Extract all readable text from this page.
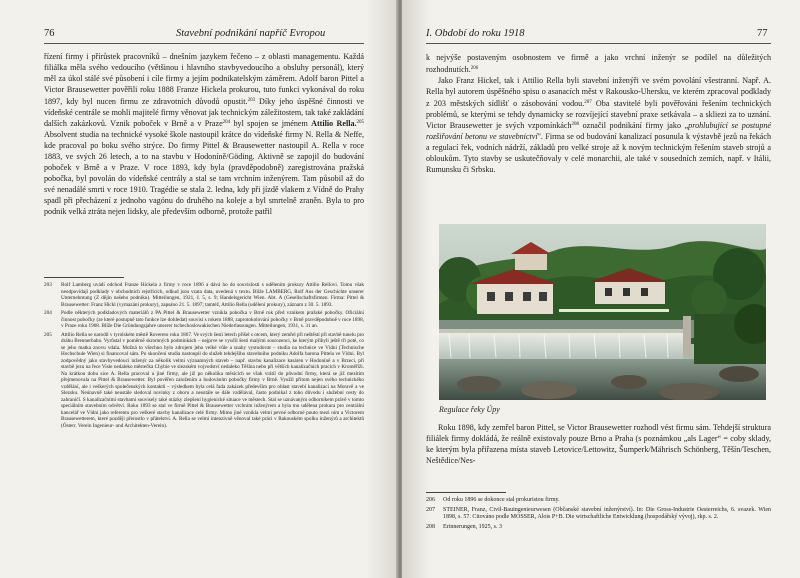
76	Stavební podnikání napříč Evropou

řízení firmy i přírůstek pracovníků – dnešním jazykem řečeno – z oblasti managementu. Každá filiálka měla svého vedoucího (většinou i hlavního stavbyvedoucího a obsluhy personál), který měl za úkol stálé své působení i cíle firmy a jejím podnikatelským záměrem. Adolf baron Pittel a Victor Brausewetter pověřili roku 1888 Franze Hickela prokurou, tuto funkci vykonával do roku 1897, kdy byl nucen firmu ze zdravotních důvodů opustit.$^{203}$ Díky jeho úspěšné činnosti ve vídeňské centrále se mohli majitelé firmy věnovat jak technickým záležitostem, tak také zakládání dalších zakázkovů. Vznik poboček v Brně a v Praze$^{204}$ byl spojen se jménem Attilio Rella.$^{205}$ Absolvent studia na technické vysoké škole nastoupil krátce do vídeňské firmy N. Rella & Neffe, kde pracoval po boku svého strýce. Do firmy Pittel & Brausewetter nastoupil A. Rella v roce 1883, ve svých 26 letech, a to na stavbu v Hodoníně/Göding. Aktivně se zapojil do budování poboček v Brně a v Praze. V roce 1893, kdy byla (pravděpodobně) zaregistrována pražská pobočka, byl povolán do vídeňské centrály a stal se tam vrchním inženýrem. Tam působil až do své nenadálé smrti v roce 1910. Tragédie se stala 2. ledna, kdy při jízdě vlakem z Vídně do Prahy spadl při přecházení z jednoho vagónu do druhého na koleje a byl smrtelně zraněn. Byla to pro podnik velká ztráta nejen lidsky, ale především odborně, protože patřil

203	Rolf Lamberg uvádí odchod Franze Hickela z firmy v roce 1896 a dává ho do souvislosti s udělením prokury Attilio Rellovi. Tomu však neodpovídají podklady v obchodních rejstřících, odkud jsou vzata data, uvedená v textu. Blíže LAMBERG, Rolf Aus der Geschichte unserer Unternehmung (Z dějin našeho podniku). Mitteilungen, 1921, č. 5, s. 9; Handelsgericht Wien. Abt. A (Gesellschaftsfirmen. Firma: Pittel & Brausewetter: Franz Hickl (vymazání prokury), zapsáno 21. 5. 1897; tamtéž, Attilio Rella (udělení prokury), záznam z 30. 5. 1893.
204	Podle některých podkladových materiálů z PA Pittel & Brausewetter vznikla pobočka v Brně rok před vznikem pražské pobočky. Oficiální činnost pobočky (ze které postupně tato funkce lze dohledat) souvisí s rokem 1888, zaprotokolování pobočky v Brně pravděpodobně v roce 1898, v Praze roku 1908. Blíže Die Gründungsjahre unserer tschechoslowakischen Niederlassungen. Mitteilungen, 1931, s. 31 an.
205	Attilio Rella se narodil v tyrolském městě Rovereto roku 1867. Ve svých šesti letech přišel s otcem, který zemřel při neštěstí při stavbě tunelu pro dráhu Brennerbahn. Vyrůstal v poměrně skromných podmínkách – nejprve se vyučil šesti malými sourozenci, ke kterým přibyli ještě tři poté, co se jeho matka znovu vdala. Možná to všechno bylo zdrojem jeho velké vůle a snahy vystudovat – studia na technice ve Vídni (Technische Hochschule Wien) si financoval sám. Po skončení studia nastoupil do služeb tehdejšího stavebního podniku Adolfa barona Pittela ve Vídni. Byl zodpovědný jako stavbyvedoucí inženýr za několik velmi významných staveb – např. stavbu kanalizace kasáren v Hodoníně a v Brzeci, při stavbě jezu na řece Visle nedaleko městečka Chybie ve slezském vojvodství nedaleko Těšína nebo při větších kanalizačních pracích v Kroměříži. Na krátkou dobu sice A. Rella pracoval u jiné firmy, ale již po několika měsících se však vrátil do původní firmy, která se již mezitím přejmenovala na Pittel & Brausewetter. Byl pověřen založením a budováním pobočky firmy v Brně. Využil přitom nejen svého technického vzdělání, ale i veškerých společenských kontaktů – výsledkem byla celá řada zakázek především pro oblast stavebí kanalizací na Moravě a ve Slezsku. Neúnavně také neustále sledoval novinky z oboru a neustále se dále vzdělával, často podnikal z toho důvodu i služební cesty do zahraničí. S kanalizačními stavbami souvisely také otázky zlepšení hygienické situace ve městech. Stal se uznávaným odborníkem právě v tomto speciálním stavebním odvětví. Roku 1893 se stal ve firmě Pittel & Brausewetter vrchním inženýrem a byla mu udělena prokura pro centrální kancelář ve Vídni jako referentu pro veškeré stavby kanalizace celé firmy. Mimo jiné vznikla velmi pevné odborné pouto mezi ním a Victorem Brausewetterem, které později přerostlo v přátelství. A. Rella se velmi intenzivně věnoval také práci v Rakouském spolku inženýrů a architektů (Österr. Verein Ingenieur- und Architekten-Verein).
I. Období do roku 1918	77

k nejvýše postaveným osobnostem ve firmě a jako vrchní inženýr se podílel na důležitých rozhodnutích.$^{206}$

Jako Franz Hickel, tak i Attilio Rella byli stavební inženýři ve svém povolání všestranní. Např. A. Rella byl autorem úspěšného spisu o asanacích měst v Rakousko-Uhersku, ve kterém zpracoval podklady z 203 městských sídlišť o zásobování vodou.$^{207}$ Oba stavitelé byli pověřováni řešením technických problémů, se kterými se tehdy dynamicky se rozvíjející stavební praxe setkávala – a skliezi za to uznání. Victor Brausewetter je svých vzpomínkách$^{208}$ označil podnikání firmy jako „prohlubující se postupné rozšiřování betonu ve stavebnictví". Firma se od budování kanalizací posunula k výstavbě jezů na řekách a regulací řek, vodních nádrží, základů pro velké stroje až k novým technickým řešením staveb strojů a obloukům. Tyto stavby se uskutečňovaly v celé monarchii, ale také v sousedních zemích, např. v Itálii, Rumunsku či Srbsku.

Roku 1898, kdy zemřel baron Pittel, se Victor Brausewetter rozhodl vést firmu sám. Tehdejší struktura filiálek firmy dokládá, že reálně existovaly pouze Brno a Praha (s poznámkou „als Lager“ = coby sklady, ke kterým byla přiřazena místa staveb Letovice/Lettowitz, Šumperk/Mährisch Schönberg, Těšín/Teschen, Neštědice/Nes-

206	Od roku 1896 se dokonce stal prokuristou firmy.
207	STEINER, Franz, Civil-Bauingenieurwesen (Občanské stavební inženýrství). In: Die Gross-Industrie Oesterreichs, 6. svazek. Wien 1898, s. 57. Citováno podle MOSSER, Alois P+B. Die wirtschaftliche Entwicklung (hospodářský vývoj), rkp. s. 2.
208	Erinnerungen, 1925, s. 3
Regulace řeky Úpy
